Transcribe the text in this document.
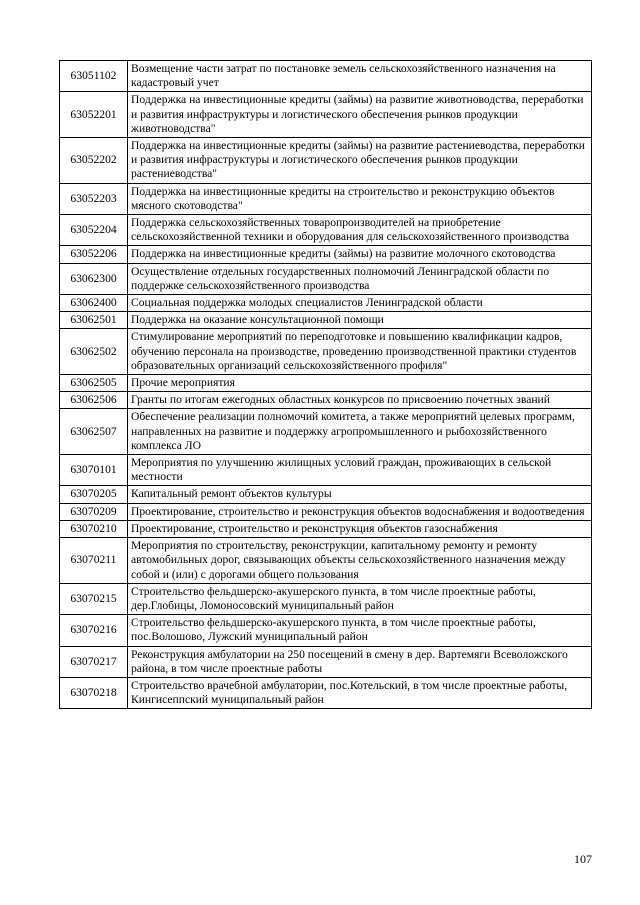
63051102	Возмещение части затрат по постановке земель сельскохозяйственного назначения на кадастровый учет
63052201	Поддержка на инвестиционные кредиты (займы) на развитие животноводства, переработки и развития инфраструктуры и логистического обеспечения рынков продукции животноводства"
63052202	Поддержка на инвестиционные кредиты (займы) на развитие растениеводства, переработки и развития инфраструктуры и логистического обеспечения рынков продукции растениеводства"
63052203	Поддержка на инвестиционные кредиты на строительство и реконструкцию объектов мясного скотоводства"
63052204	Поддержка сельскохозяйственных товаропроизводителей на приобретение сельскохозяйственной техники и оборудования для сельскохозяйственного производства
63052206	Поддержка на инвестиционные кредиты (займы) на развитие молочного скотоводства
63062300	Осуществление отдельных государственных полномочий Ленинградской области по поддержке сельскохозяйственного производства
63062400	Социальная поддержка молодых специалистов Ленинградской области
63062501	Поддержка на оказание консультационной помощи
63062502	Стимулирование мероприятий по переподготовке и повышению квалификации кадров, обучению персонала на производстве, проведению производственной практики студентов образовательных организаций сельскохозяйственного профиля"
63062505	Прочие мероприятия
63062506	Гранты по итогам ежегодных областных конкурсов по присвоению почетных званий
63062507	Обеспечение реализации полномочий комитета, а также мероприятий целевых программ, направленных на развитие и поддержку агропромышленного и рыбохозяйственного комплекса ЛО
63070101	Мероприятия по улучшению жилищных условий граждан, проживающих в сельской местности
63070205	Капитальный ремонт объектов культуры
63070209	Проектирование, строительство и реконструкция объектов водоснабжения и водоотведения
63070210	Проектирование, строительство и реконструкция объектов газоснабжения
63070211	Мероприятия по строительству, реконструкции, капитальному ремонту и ремонту автомобильных дорог, связывающих объекты сельскохозяйственного назначения между собой и (или) с дорогами общего пользования
63070215	Строительство фельдшерско-акушерского пункта, в том числе проектные работы, дер.Глобицы, Ломоносовский муниципальный район
63070216	Строительство фельдшерско-акушерского пункта, в том числе проектные работы, пос.Волошово, Лужский муниципальный район
63070217	Реконструкция амбулатории на 250 посещений в смену в дер. Вартемяги Всеволожского района, в том числе проектные работы
63070218	Строительство врачебной амбулатории, пос.Котельский, в том числе проектные работы, Кингисеппский муниципальный район
107
